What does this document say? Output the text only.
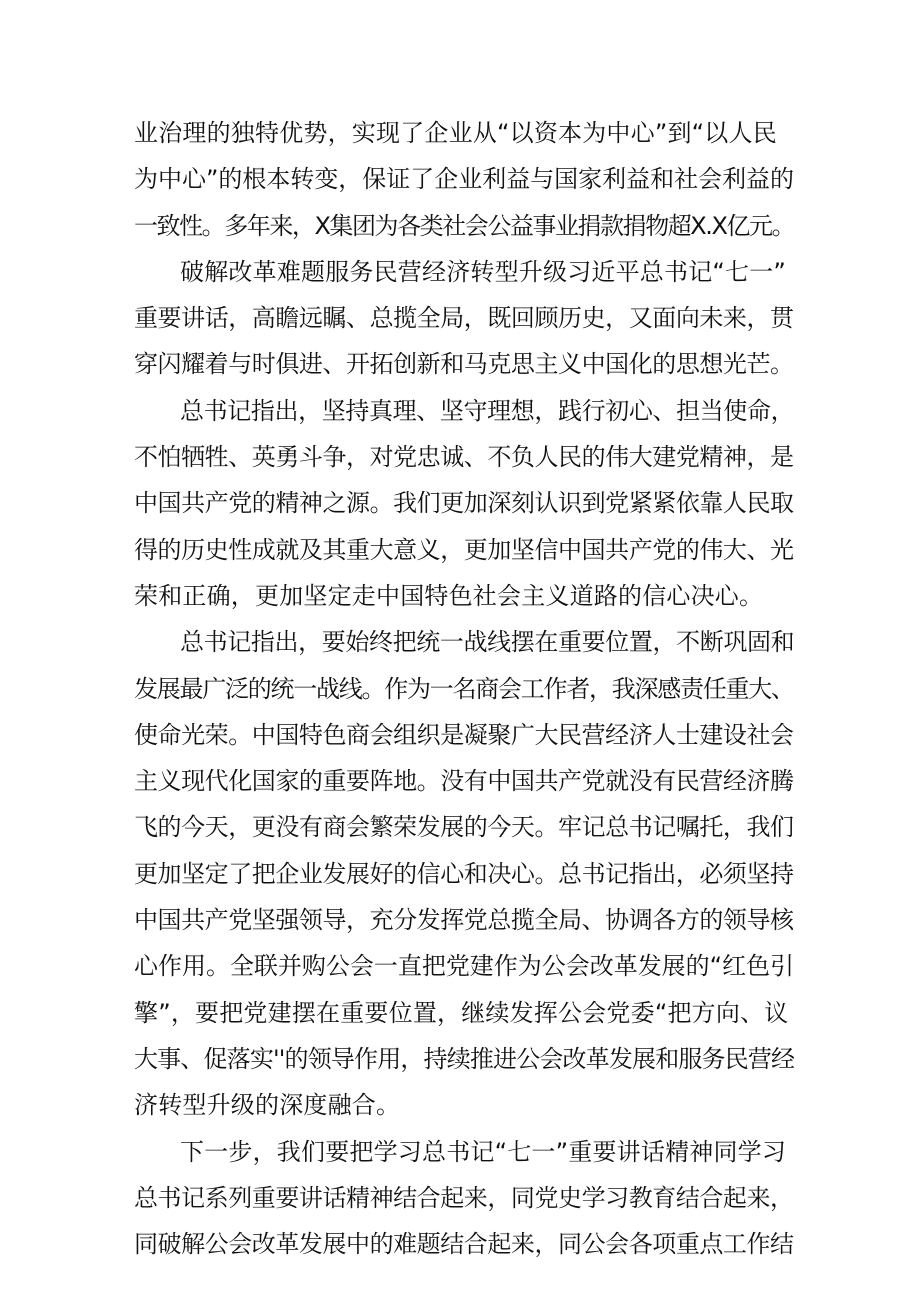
业治理的独特优势，实现了企业从“以资本为中心”到“以人民
为中心”的根本转变，保证了企业利益与国家利益和社会利益的
一致性。多年来，X集团为各类社会公益事业捐款捐物超X.X亿元。
破解改革难题服务民营经济转型升级习近平总书记“七一”
重要讲话，高瞻远瞩、总揽全局，既回顾历史，又面向未来，贯
穿闪耀着与时俱进、开拓创新和马克思主义中国化的思想光芒。
总书记指出，坚持真理、坚守理想，践行初心、担当使命，
不怕牺牲、英勇斗争，对党忠诚、不负人民的伟大建党精神，是
中国共产党的精神之源。我们更加深刻认识到党紧紧依靠人民取
得的历史性成就及其重大意义，更加坚信中国共产党的伟大、光
荣和正确，更加坚定走中国特色社会主义道路的信心决心。
总书记指出，要始终把统一战线摆在重要位置，不断巩固和
发展最广泛的统一战线。作为一名商会工作者，我深感责任重大、
使命光荣。中国特色商会组织是凝聚广大民营经济人士建设社会
主义现代化国家的重要阵地。没有中国共产党就没有民营经济腾
飞的今天，更没有商会繁荣发展的今天。牢记总书记嘱托，我们
更加坚定了把企业发展好的信心和决心。总书记指出，必须坚持
中国共产党坚强领导，充分发挥党总揽全局、协调各方的领导核
心作用。全联并购公会一直把党建作为公会改革发展的“红色引
擎”，要把党建摆在重要位置，继续发挥公会党委“把方向、议
大事、促落实''的领导作用，持续推进公会改革发展和服务民营经
济转型升级的深度融合。
下一步，我们要把学习总书记“七一”重要讲话精神同学习
总书记系列重要讲话精神结合起来，同党史学习教育结合起来，
同破解公会改革发展中的难题结合起来，同公会各项重点工作结
